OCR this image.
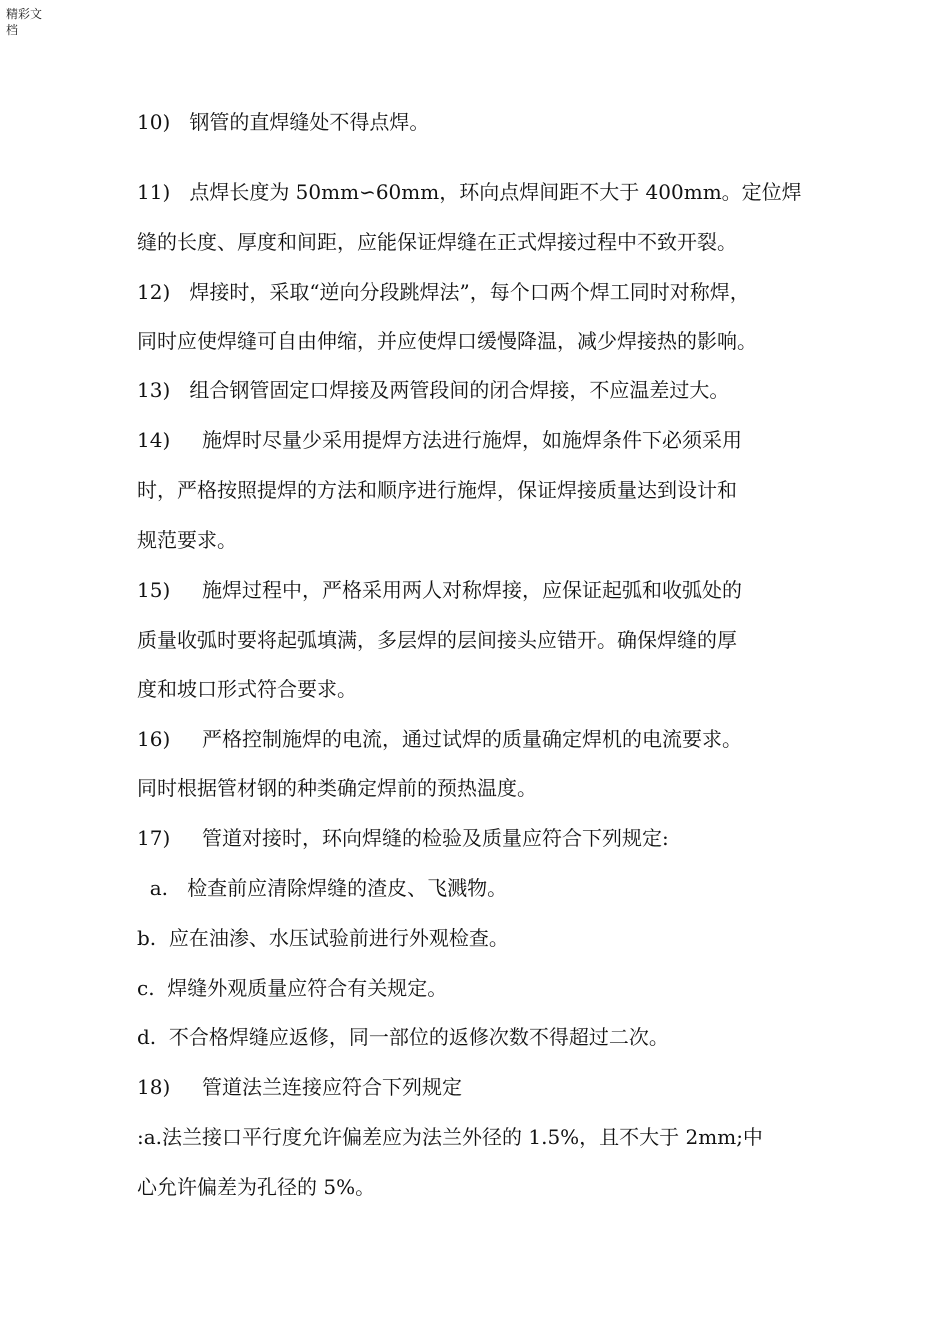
精彩文
档
10)   钢管的直焊缝处不得点焊。
11)   点焊长度为 50mm∽60mm，环向点焊间距不大于 400mm。定位焊
缝的长度、厚度和间距，应能保证焊缝在正式焊接过程中不致开裂。
12)   焊接时，采取“逆向分段跳焊法”，每个口两个焊工同时对称焊，
同时应使焊缝可自由伸缩，并应使焊口缓慢降温，减少焊接热的影响。
13)   组合钢管固定口焊接及两管段间的闭合焊接，不应温差过大。
14)     施焊时尽量少采用提焊方法进行施焊，如施焊条件下必须采用
时，严格按照提焊的方法和顺序进行施焊，保证焊接质量达到设计和
规范要求。
15)     施焊过程中，严格采用两人对称焊接，应保证起弧和收弧处的
质量收弧时要将起弧填满，多层焊的层间接头应错开。确保焊缝的厚
度和坡口形式符合要求。
16)     严格控制施焊的电流，通过试焊的质量确定焊机的电流要求。
同时根据管材钢的种类确定焊前的预热温度。
17)     管道对接时，环向焊缝的检验及质量应符合下列规定:
a.   检查前应清除焊缝的渣皮、飞溅物。
b.  应在油渗、水压试验前进行外观检查。
c.  焊缝外观质量应符合有关规定。
d.  不合格焊缝应返修，同一部位的返修次数不得超过二次。
18)     管道法兰连接应符合下列规定
:a.法兰接口平行度允许偏差应为法兰外径的 1.5%，且不大于 2mm;中
心允许偏差为孔径的 5%。
